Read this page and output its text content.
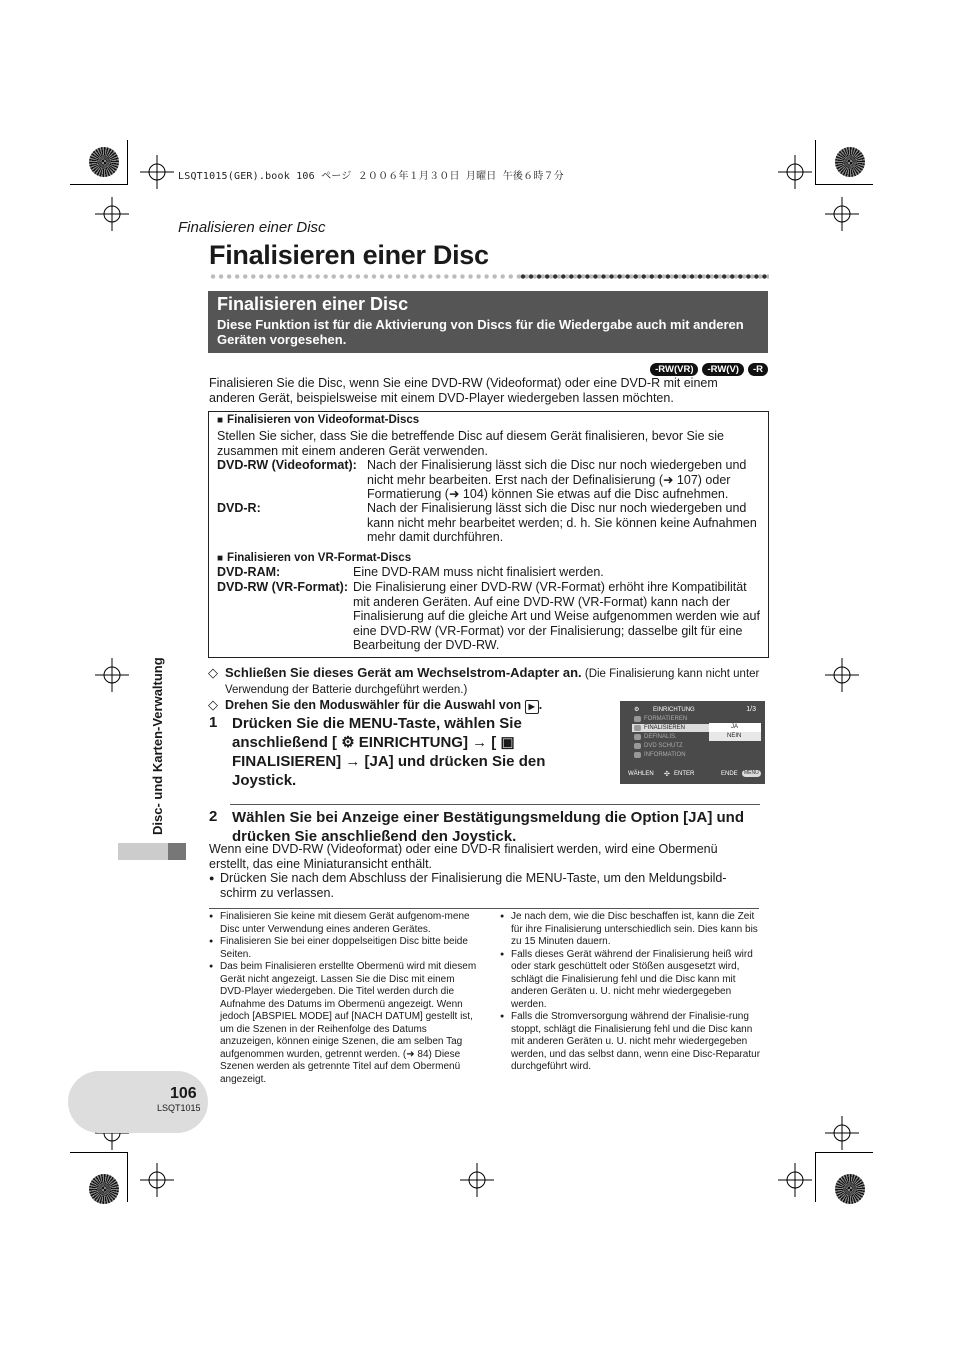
LSQT1015(GER).book 106 ページ ２００６年１月３０日 月曜日 午後６時７分
Finalisieren einer Disc
Finalisieren einer Disc
Finalisieren einer Disc
Diese Funktion ist für die Aktivierung von Discs für die Wiedergabe auch mit anderen Geräten vorgesehen.
-RW(VR)	-RW(V)	-R
Finalisieren Sie die Disc, wenn Sie eine DVD-RW (Videoformat) oder eine DVD-R mit einem anderen Gerät, beispielsweise mit einem DVD-Player wiedergeben lassen möchten.
■ Finalisieren von Videoformat-Discs
Stellen Sie sicher, dass Sie die betreffende Disc auf diesem Gerät finalisieren, bevor Sie sie zusammen mit einem anderen Gerät verwenden.
DVD-RW (Videoformat): Nach der Finalisierung lässt sich die Disc nur noch wiedergeben und nicht mehr bearbeiten. Erst nach der Definalisierung (➜ 107) oder Formatierung (➜ 104) können Sie etwas auf die Disc aufnehmen.
DVD-R:	Nach der Finalisierung lässt sich die Disc nur noch wiedergeben und kann nicht mehr bearbeitet werden; d. h. Sie können keine Aufnahmen mehr damit durchführen.
■ Finalisieren von VR-Format-Discs
DVD-RAM:	Eine DVD-RAM muss nicht finalisiert werden.
DVD-RW (VR-Format): Die Finalisierung einer DVD-RW (VR-Format) erhöht ihre Kompatibilität mit anderen Geräten. Auf eine DVD-RW (VR-Format) kann nach der Finalisierung auf die gleiche Art und Weise aufgenommen werden wie auf eine DVD-RW (VR-Format) vor der Finalisierung; dasselbe gilt für eine Bearbeitung der DVD-RW.
◇ Schließen Sie dieses Gerät am Wechselstrom-Adapter an. (Die Finalisierung kann nicht unter Verwendung der Batterie durchgeführt werden.)
◇ Drehen Sie den Moduswähler für die Auswahl von ▶ .
1 Drücken Sie die MENU-Taste, wählen Sie anschließend [ ⚙ EINRICHTUNG] → [ ▣ FINALISIEREN] → [JA] und drücken Sie den Joystick.
⚙ EINRICHTUNG	1/3
FORMATIEREN
FINALISIEREN
DEFINALIS.
DVD SCHUTZ
INFORMATION
JA
NEIN
WÄHLEN ✣ ENTER	ENDE	MENU
2 Wählen Sie bei Anzeige einer Bestätigungsmeldung die Option [JA] und drücken Sie anschließend den Joystick.
Wenn eine DVD-RW (Videoformat) oder eine DVD-R finalisiert werden, wird eine Obermenü erstellt, das eine Miniaturansicht enthält.
● Drücken Sie nach dem Abschluss der Finalisierung die MENU-Taste, um den Meldungsbild-schirm zu verlassen.
● Finalisieren Sie keine mit diesem Gerät aufgenom-mene Disc unter Verwendung eines anderen Gerätes.
● Finalisieren Sie bei einer doppelseitigen Disc bitte beide Seiten.
● Das beim Finalisieren erstellte Obermenü wird mit diesem Gerät nicht angezeigt. Lassen Sie die Disc mit einem DVD-Player wiedergeben. Die Titel werden durch die Aufnahme des Datums im Obermenü angezeigt. Wenn jedoch [ABSPIEL MODE] auf [NACH DATUM] gestellt ist, um die Szenen in der Reihenfolge des Datums anzuzeigen, können einige Szenen, die am selben Tag aufgenommen wurden, getrennt werden. (➜ 84) Diese Szenen werden als getrennte Titel auf dem Obermenü angezeigt.
● Je nach dem, wie die Disc beschaffen ist, kann die Zeit für ihre Finalisierung unterschiedlich sein. Dies kann bis zu 15 Minuten dauern.
● Falls dieses Gerät während der Finalisierung heiß wird oder stark geschüttelt oder Stößen ausgesetzt wird, schlägt die Finalisierung fehl und die Disc kann mit anderen Geräten u. U. nicht mehr wiedergegeben werden.
● Falls die Stromversorgung während der Finalisie-rung stoppt, schlägt die Finalisierung fehl und die Disc kann mit anderen Geräten u. U. nicht mehr wiedergegeben werden, und das selbst dann, wenn eine Disc-Reparatur durchgeführt wird.
Disc- und Karten-Verwaltung
106
LSQT1015
